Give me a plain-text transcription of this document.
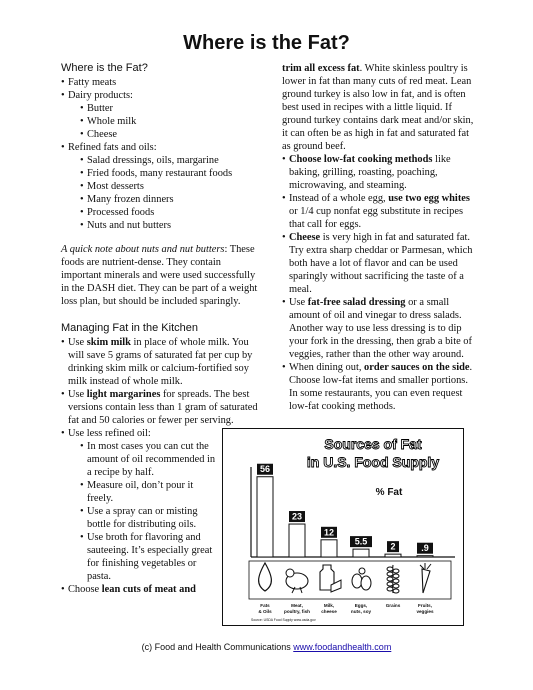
Where is the Fat?
Where is the Fat?
• Fatty meats
• Dairy products:
• Butter
• Whole milk
• Cheese
• Refined fats and oils:
• Salad dressings, oils, margarine
• Fried foods, many restaurant foods
• Most desserts
• Many frozen dinners
• Processed foods
• Nuts and nut butters

A quick note about nuts and nut butters: These foods are nutrient-dense. They contain important minerals and were used successfully in the DASH diet. They can be part of a weight loss plan, but should be included sparingly.

Managing Fat in the Kitchen
• Use skim milk in place of whole milk. You will save 5 grams of saturated fat per cup by drinking skim milk or calcium-fortified soy milk instead of whole milk.
• Use light margarines for spreads. The best versions contain less than 1 gram of saturated fat and 50 calories or fewer per serving.
• Use less refined oil:
• In most cases you can cut the amount of oil recommended in a recipe by half.
• Measure oil, don’t pour it freely.
• Use a spray can or misting bottle for distributing oils.
• Use broth for flavoring and sauteeing. It’s especially great for finishing vegetables or pasta.
• Choose lean cuts of meat and
trim all excess fat. White skinless poultry is lower in fat than many cuts of red meat. Lean ground turkey is also low in fat, and is often best used in recipes with a little liquid. If ground turkey contains dark meat and/or skin, it can often be as high in fat and saturated fat as ground beef.
• Choose low-fat cooking methods like baking, grilling, roasting, poaching, microwaving, and steaming.
• Instead of a whole egg, use two egg whites or 1/4 cup nonfat egg substitute in recipes that call for eggs.
• Cheese is very high in fat and saturated fat. Try extra sharp cheddar or Parmesan, which both have a lot of flavor and can be used sparingly without sacrificing the taste of a meal.
• Use fat-free salad dressing or a small amount of oil and vinegar to dress salads. Another way to use less dressing is to dip your fork in the dressing, then grab a bite of veggies, rather than the other way around.
• When dining out, order sauces on the side. Choose low-fat items and smaller portions. In some restaurants, you can even request low-fat cooking methods.
Sources of Fat
in U.S. Food Supply
% Fat
56
Fats
& Oils
23
Meat,
poultry, fish
12
Milk,
cheese
5.5
Eggs,
nuts, soy
2
Grains
.9
Fruits,
veggies
Source: USDA Food Supply www.usda.gov
(c) Food and Health Communications www.foodandhealth.com
